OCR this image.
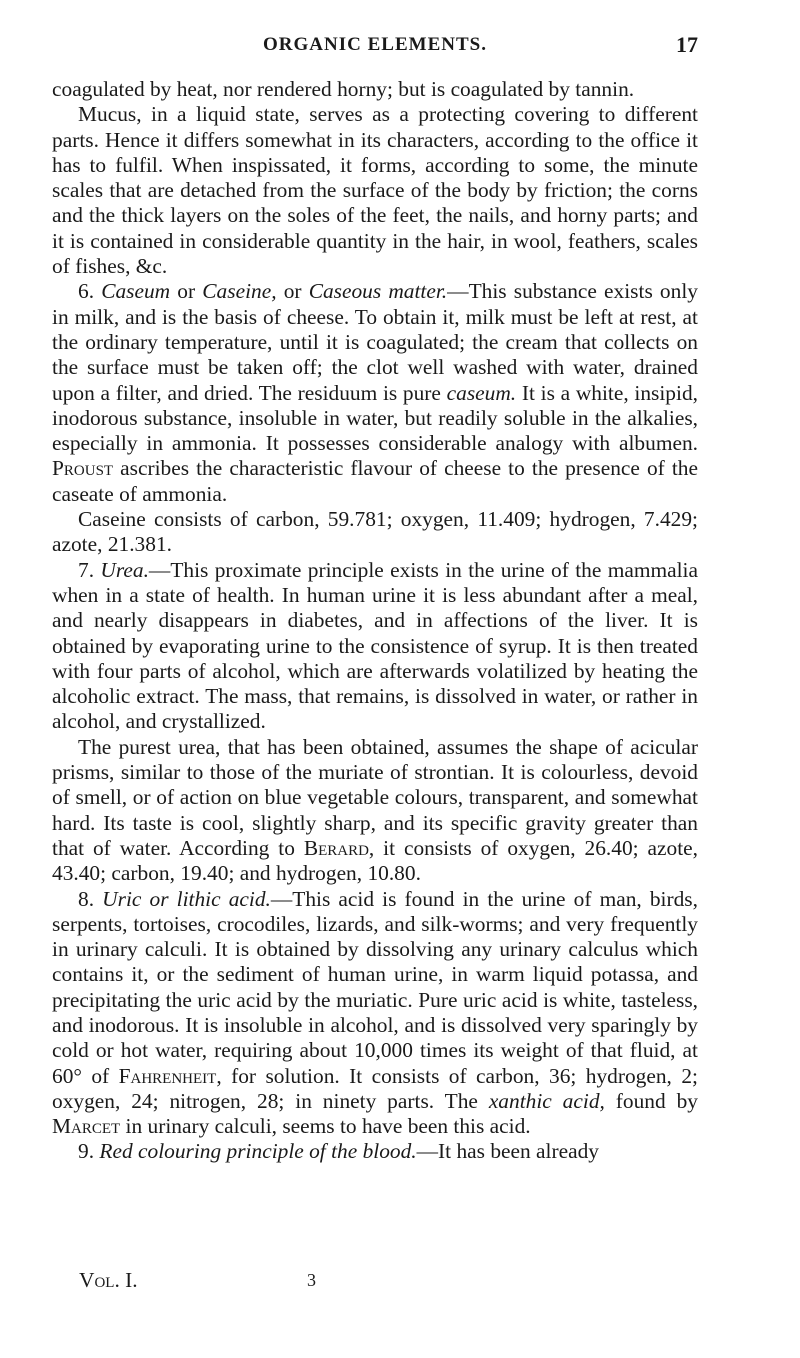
ORGANIC ELEMENTS.	17

coagulated by heat, nor rendered horny; but is coagulated by tannin.

Mucus, in a liquid state, serves as a protecting covering to different parts. Hence it differs somewhat in its characters, according to the office it has to fulfil. When inspissated, it forms, according to some, the minute scales that are detached from the surface of the body by friction; the corns and the thick layers on the soles of the feet, the nails, and horny parts; and it is contained in considerable quantity in the hair, in wool, feathers, scales of fishes, &c.

6. Caseum or Caseine, or Caseous matter.—This substance exists only in milk, and is the basis of cheese. To obtain it, milk must be left at rest, at the ordinary temperature, until it is coagulated; the cream that collects on the surface must be taken off; the clot well washed with water, drained upon a filter, and dried. The residuum is pure caseum. It is a white, insipid, inodorous substance, insoluble in water, but readily soluble in the alkalies, especially in ammonia. It possesses considerable analogy with albumen. Proust ascribes the characteristic flavour of cheese to the presence of the caseate of ammonia.

Caseine consists of carbon, 59.781; oxygen, 11.409; hydrogen, 7.429; azote, 21.381.

7. Urea.—This proximate principle exists in the urine of the mammalia when in a state of health. In human urine it is less abundant after a meal, and nearly disappears in diabetes, and in affections of the liver. It is obtained by evaporating urine to the consistence of syrup. It is then treated with four parts of alcohol, which are afterwards volatilized by heating the alcoholic extract. The mass, that remains, is dissolved in water, or rather in alcohol, and crystallized.

The purest urea, that has been obtained, assumes the shape of acicular prisms, similar to those of the muriate of strontian. It is colourless, devoid of smell, or of action on blue vegetable colours, transparent, and somewhat hard. Its taste is cool, slightly sharp, and its specific gravity greater than that of water. According to Berard, it consists of oxygen, 26.40; azote, 43.40; carbon, 19.40; and hydrogen, 10.80.

8. Uric or lithic acid.—This acid is found in the urine of man, birds, serpents, tortoises, crocodiles, lizards, and silk-worms; and very frequently in urinary calculi. It is obtained by dissolving any urinary calculus which contains it, or the sediment of human urine, in warm liquid potassa, and precipitating the uric acid by the muriatic. Pure uric acid is white, tasteless, and inodorous. It is insoluble in alcohol, and is dissolved very sparingly by cold or hot water, requiring about 10,000 times its weight of that fluid, at 60° of Fahrenheit, for solution. It consists of carbon, 36; hydrogen, 2; oxygen, 24; nitrogen, 28; in ninety parts. The xanthic acid, found by Marcet in urinary calculi, seems to have been this acid.

9. Red colouring principle of the blood.—It has been already

Vol. I.	3
